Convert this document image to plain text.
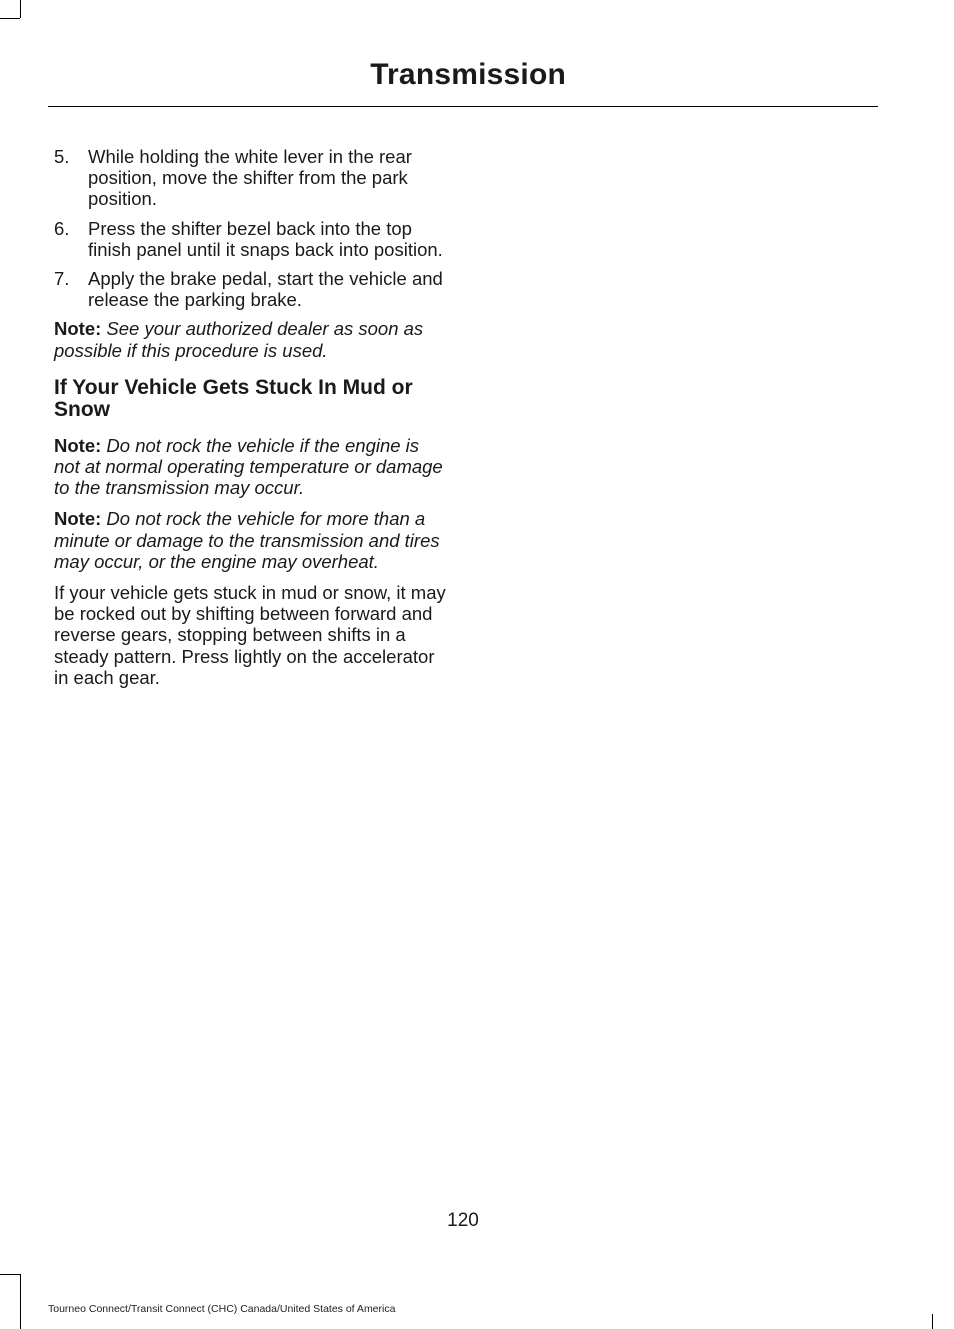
Transmission
5. While holding the white lever in the rear position, move the shifter from the park position.
6. Press the shifter bezel back into the top finish panel until it snaps back into position.
7. Apply the brake pedal, start the vehicle and release the parking brake.

Note: See your authorized dealer as soon as possible if this procedure is used.

If Your Vehicle Gets Stuck In Mud or Snow

Note: Do not rock the vehicle if the engine is not at normal operating temperature or damage to the transmission may occur.

Note: Do not rock the vehicle for more than a minute or damage to the transmission and tires may occur, or the engine may overheat.

If your vehicle gets stuck in mud or snow, it may be rocked out by shifting between forward and reverse gears, stopping between shifts in a steady pattern. Press lightly on the accelerator in each gear.

120
Tourneo Connect/Transit Connect (CHC) Canada/United States of America
